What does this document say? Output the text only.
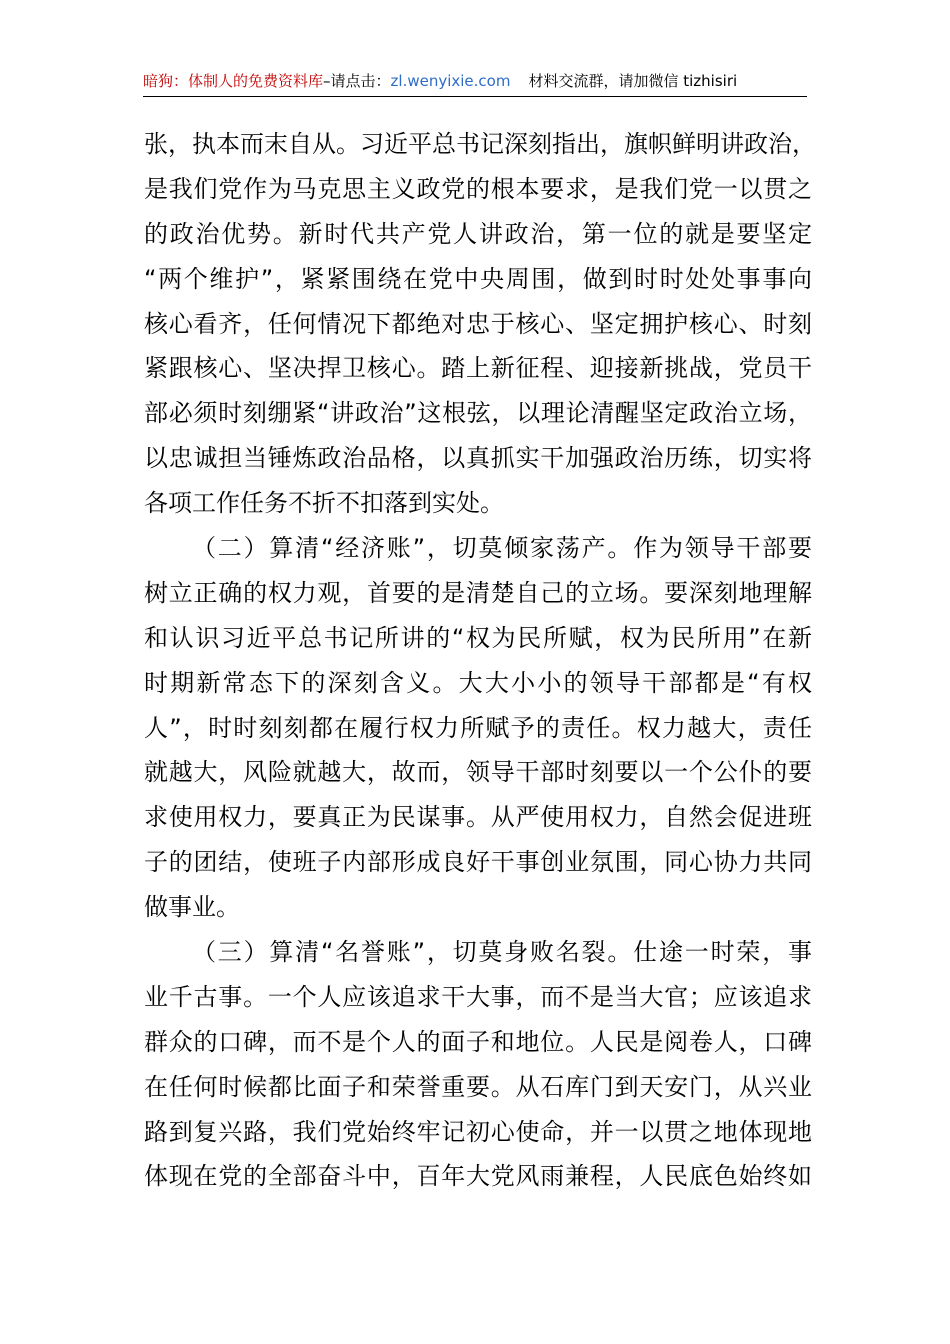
暗狗：体制人的免费资料库–请点击：zl.wenyixie.com 材料交流群，请加微信 tizhisiri
张，执本而末自从。习近平总书记深刻指出，旗帜鲜明讲政治，
是我们党作为马克思主义政党的根本要求，是我们党一以贯之
的政治优势。新时代共产党人讲政治，第一位的就是要坚定
“两个维护”，紧紧围绕在党中央周围，做到时时处处事事向
核心看齐，任何情况下都绝对忠于核心、坚定拥护核心、时刻
紧跟核心、坚决捍卫核心。踏上新征程、迎接新挑战，党员干
部必须时刻绷紧“讲政治”这根弦，以理论清醒坚定政治立场，
以忠诚担当锤炼政治品格，以真抓实干加强政治历练，切实将
各项工作任务不折不扣落到实处。
（二）算清“经济账”，切莫倾家荡产。作为领导干部要
树立正确的权力观，首要的是清楚自己的立场。要深刻地理解
和认识习近平总书记所讲的“权为民所赋，权为民所用”在新
时期新常态下的深刻含义。大大小小的领导干部都是“有权
人”，时时刻刻都在履行权力所赋予的责任。权力越大，责任
就越大，风险就越大，故而，领导干部时刻要以一个公仆的要
求使用权力，要真正为民谋事。从严使用权力，自然会促进班
子的团结，使班子内部形成良好干事创业氛围，同心协力共同
做事业。
（三）算清“名誉账”，切莫身败名裂。仕途一时荣，事
业千古事。一个人应该追求干大事，而不是当大官；应该追求
群众的口碑，而不是个人的面子和地位。人民是阅卷人，口碑
在任何时候都比面子和荣誉重要。从石库门到天安门，从兴业
路到复兴路，我们党始终牢记初心使命，并一以贯之地体现地
体现在党的全部奋斗中，百年大党风雨兼程，人民底色始终如
